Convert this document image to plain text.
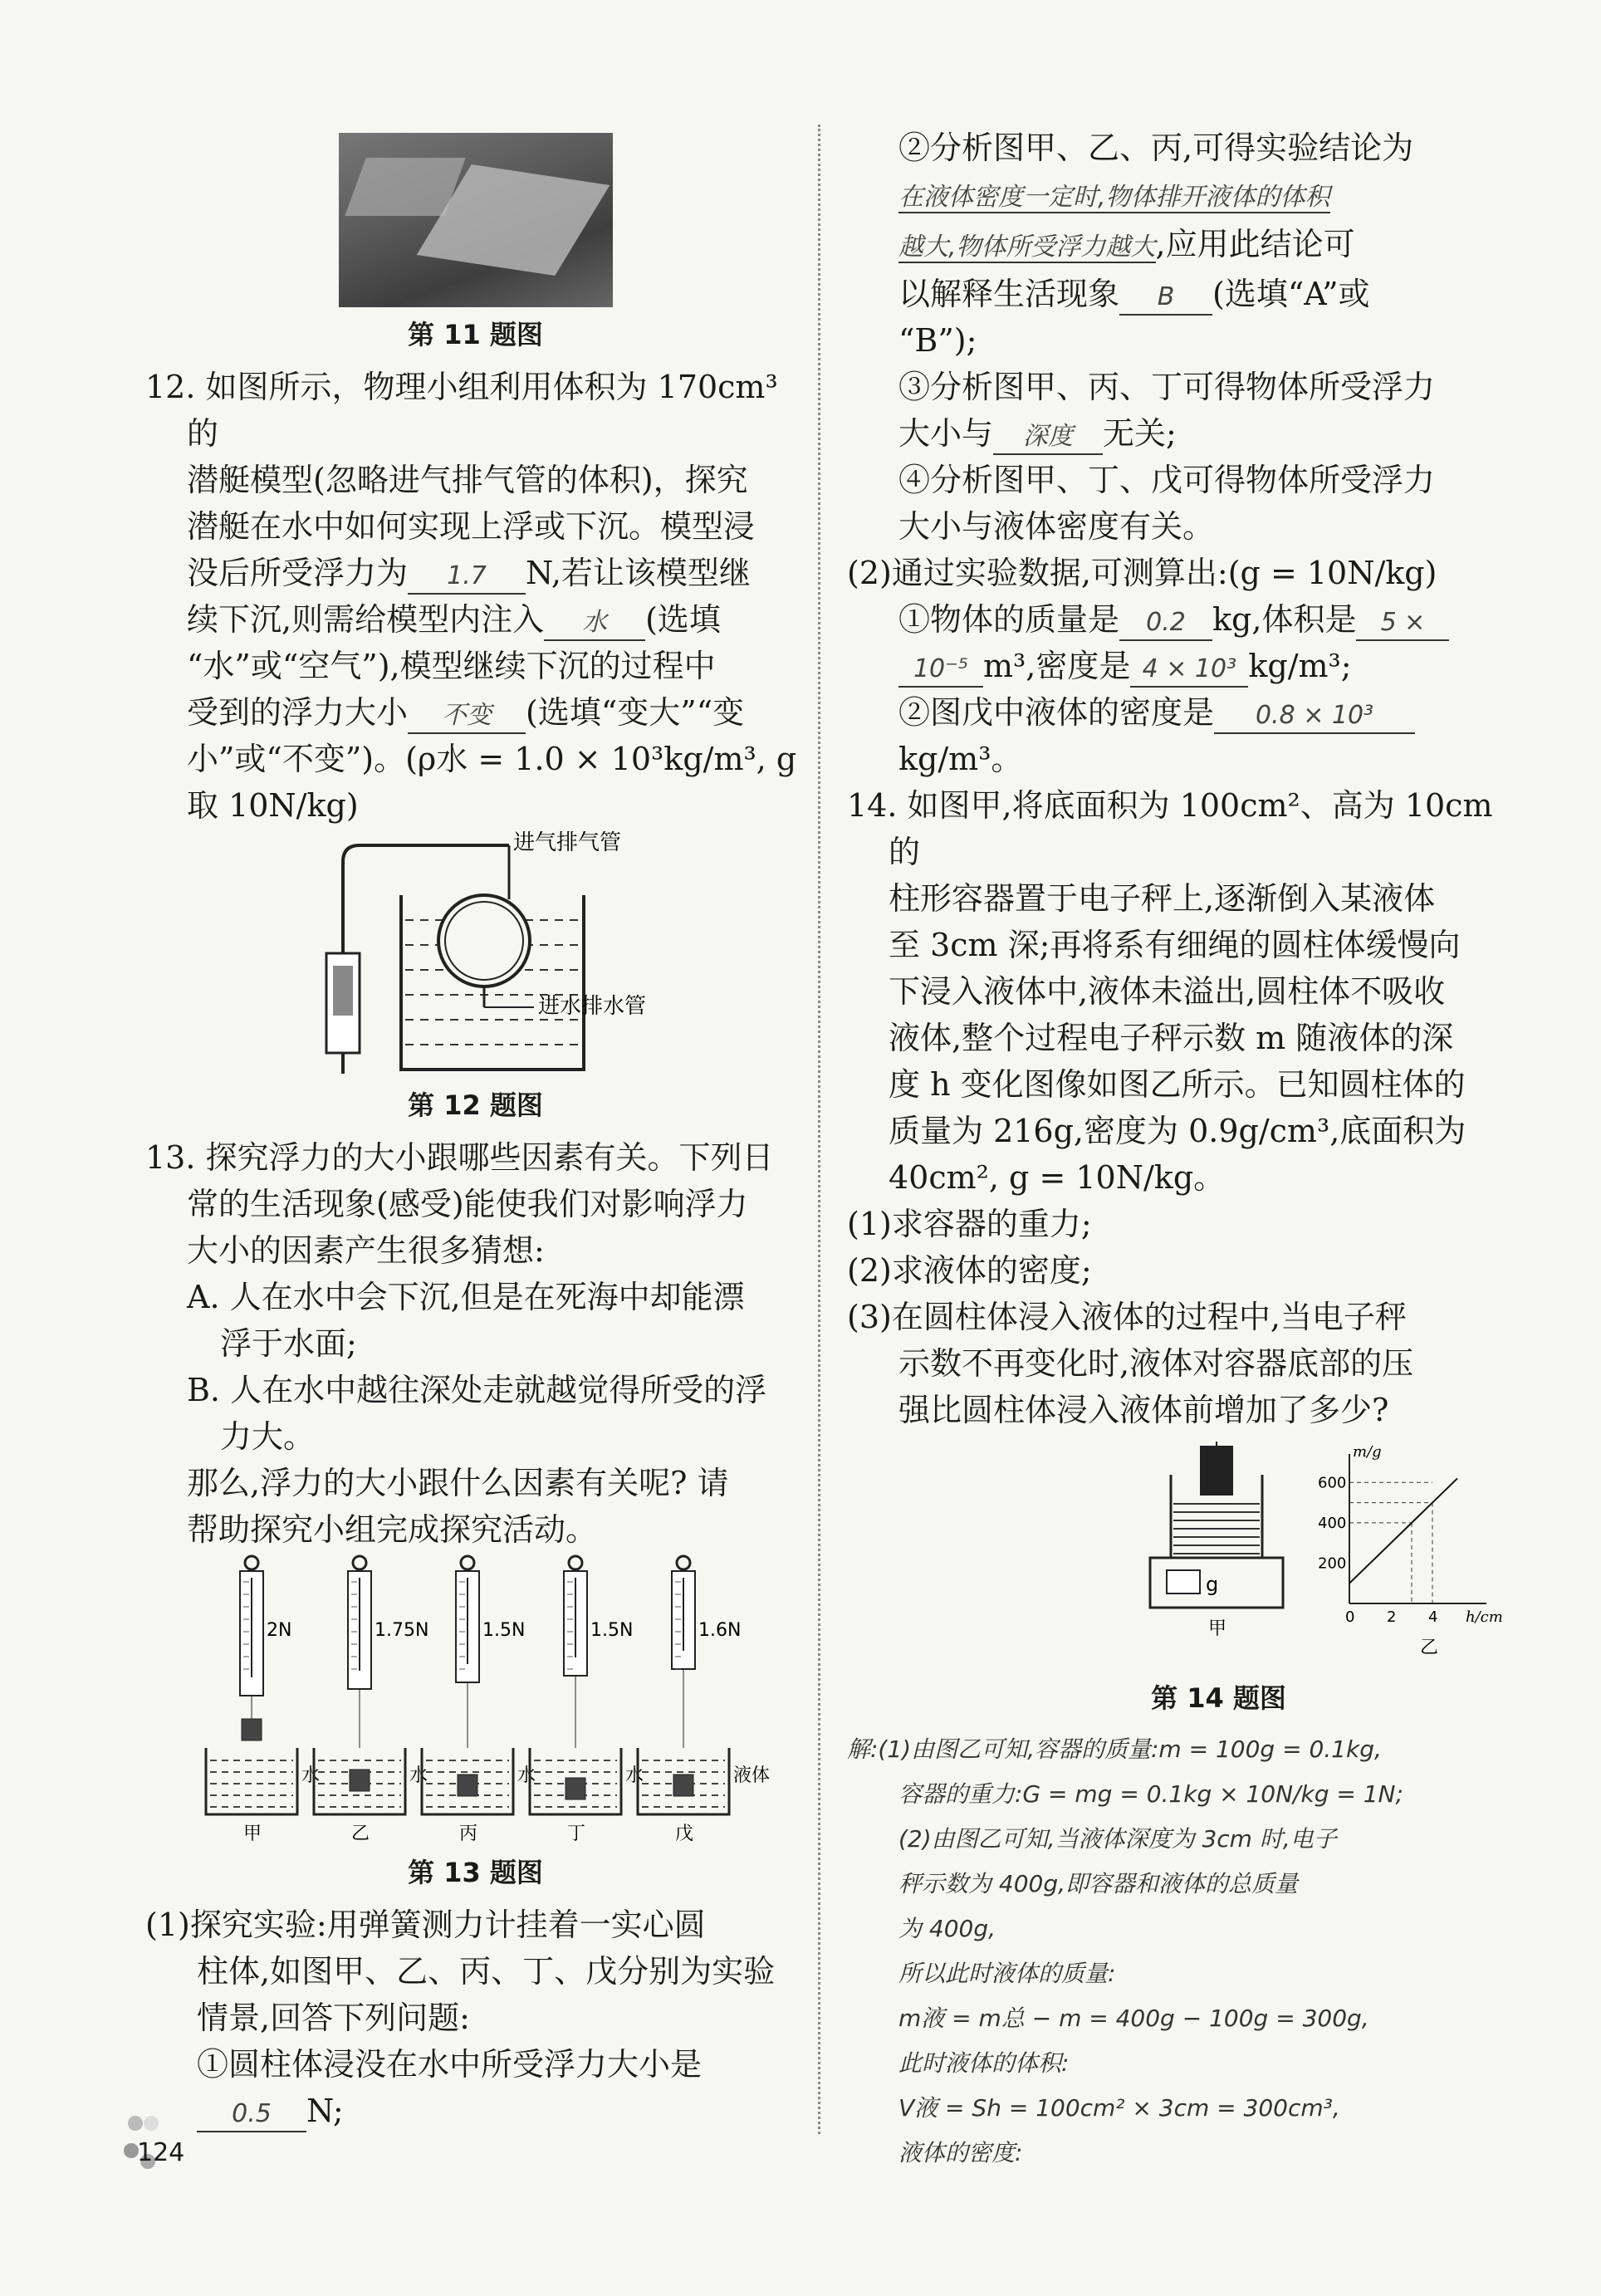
第 11 题图

12. 如图所示，物理小组利用体积为 170cm³ 的

潜艇模型(忽略进气排气管的体积)，探究

潜艇在水中如何实现上浮或下沉。模型浸

没后所受浮力为 1.7 N,若让该模型继

续下沉,则需给模型内注入 水 (选填

“水”或“空气”),模型继续下沉的过程中

受到的浮力大小 不变 (选填“变大”“变

小”或“不变”)。(ρ水 = 1.0 × 10³kg/m³, g

取 10N/kg)

进气排气管
进水排水管
第 12 题图

13. 探究浮力的大小跟哪些因素有关。下列日

常的生活现象(感受)能使我们对影响浮力

大小的因素产生很多猜想:

A. 人在水中会下沉,但是在死海中却能漂

浮于水面;

B. 人在水中越往深处走就越觉得所受的浮

力大。

那么,浮力的大小跟什么因素有关呢? 请

帮助探究小组完成探究活动。

2N
水
甲
1.75N
水
乙
1.5N
水
丙
1.5N
水
丁
1.6N
液体
戊
第 13 题图

(1)探究实验:用弹簧测力计挂着一实心圆

柱体,如图甲、乙、丙、丁、戊分别为实验

情景,回答下列问题:

①圆柱体浸没在水中所受浮力大小是

0.5 N;

②分析图甲、乙、丙,可得实验结论为

在液体密度一定时,物体排开液体的体积

越大,物体所受浮力越大,应用此结论可

以解释生活现象 B (选填“A”或

“B”);

③分析图甲、丙、丁可得物体所受浮力

大小与 深度 无关;

④分析图甲、丁、戊可得物体所受浮力

大小与液体密度有关。

(2)通过实验数据,可测算出:(g = 10N/kg)

①物体的质量是 0.2 kg,体积是 5 ×

10⁻⁵ m³,密度是 4 × 10³ kg/m³;

②图戊中液体的密度是 0.8 × 10³

kg/m³。

14. 如图甲,将底面积为 100cm²、高为 10cm 的

柱形容器置于电子秤上,逐渐倒入某液体

至 3cm 深;再将系有细绳的圆柱体缓慢向

下浸入液体中,液体未溢出,圆柱体不吸收

液体,整个过程电子秤示数 m 随液体的深

度 h 变化图像如图乙所示。已知圆柱体的

质量为 216g,密度为 0.9g/cm³,底面积为

40cm², g = 10N/kg。

(1)求容器的重力;

(2)求液体的密度;

(3)在圆柱体浸入液体的过程中,当电子秤

示数不再变化时,液体对容器底部的压

强比圆柱体浸入液体前增加了多少?

g
甲
m/g
h/cm
200
400
600
0 2 4
乙
第 14 题图

解:(1)由图乙可知,容器的质量:m = 100g = 0.1kg,

容器的重力:G = mg = 0.1kg × 10N/kg = 1N;

(2)由图乙可知,当液体深度为 3cm 时,电子

秤示数为 400g,即容器和液体的总质量

为 400g,

所以此时液体的质量:

m液 = m总 − m = 400g − 100g = 300g,

此时液体的体积:

V液 = Sh = 100cm² × 3cm = 300cm³,

液体的密度:

124
